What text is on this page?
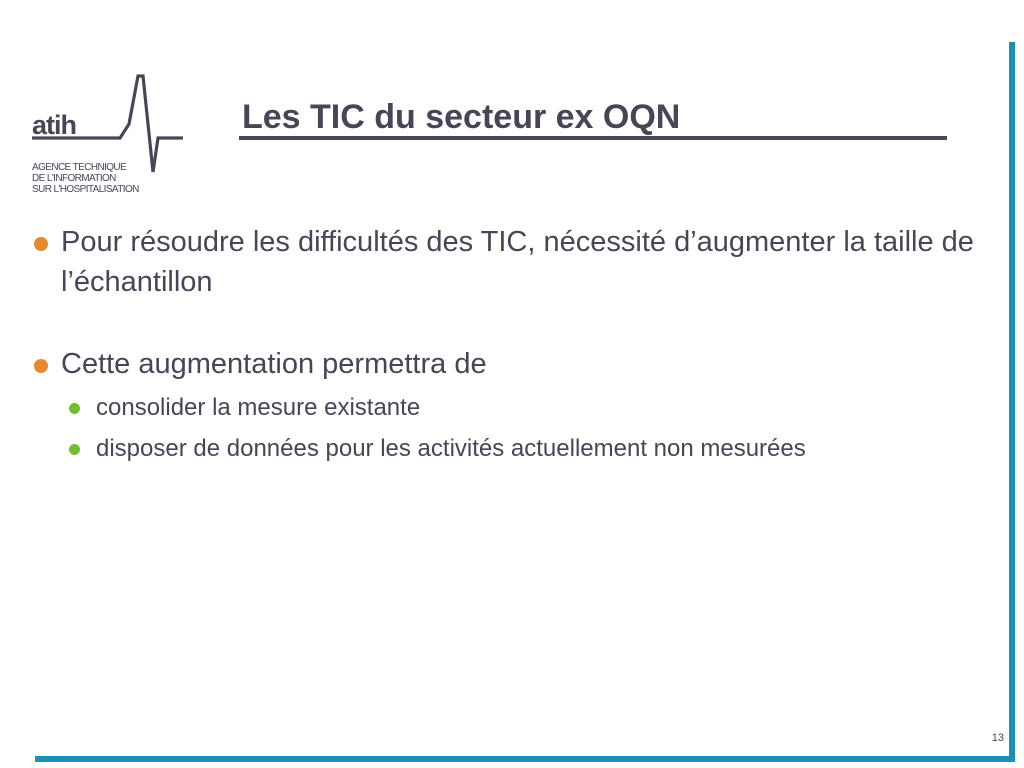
atih
AGENCE TECHNIQUE
DE L'INFORMATION
SUR L'HOSPITALISATION
Les TIC du secteur ex OQN
Pour résoudre les difficultés des TIC, nécessité d’augmenter la taille de l’échantillon
Cette augmentation permettra de
consolider la mesure existante
disposer de données pour les activités actuellement non mesurées
13
